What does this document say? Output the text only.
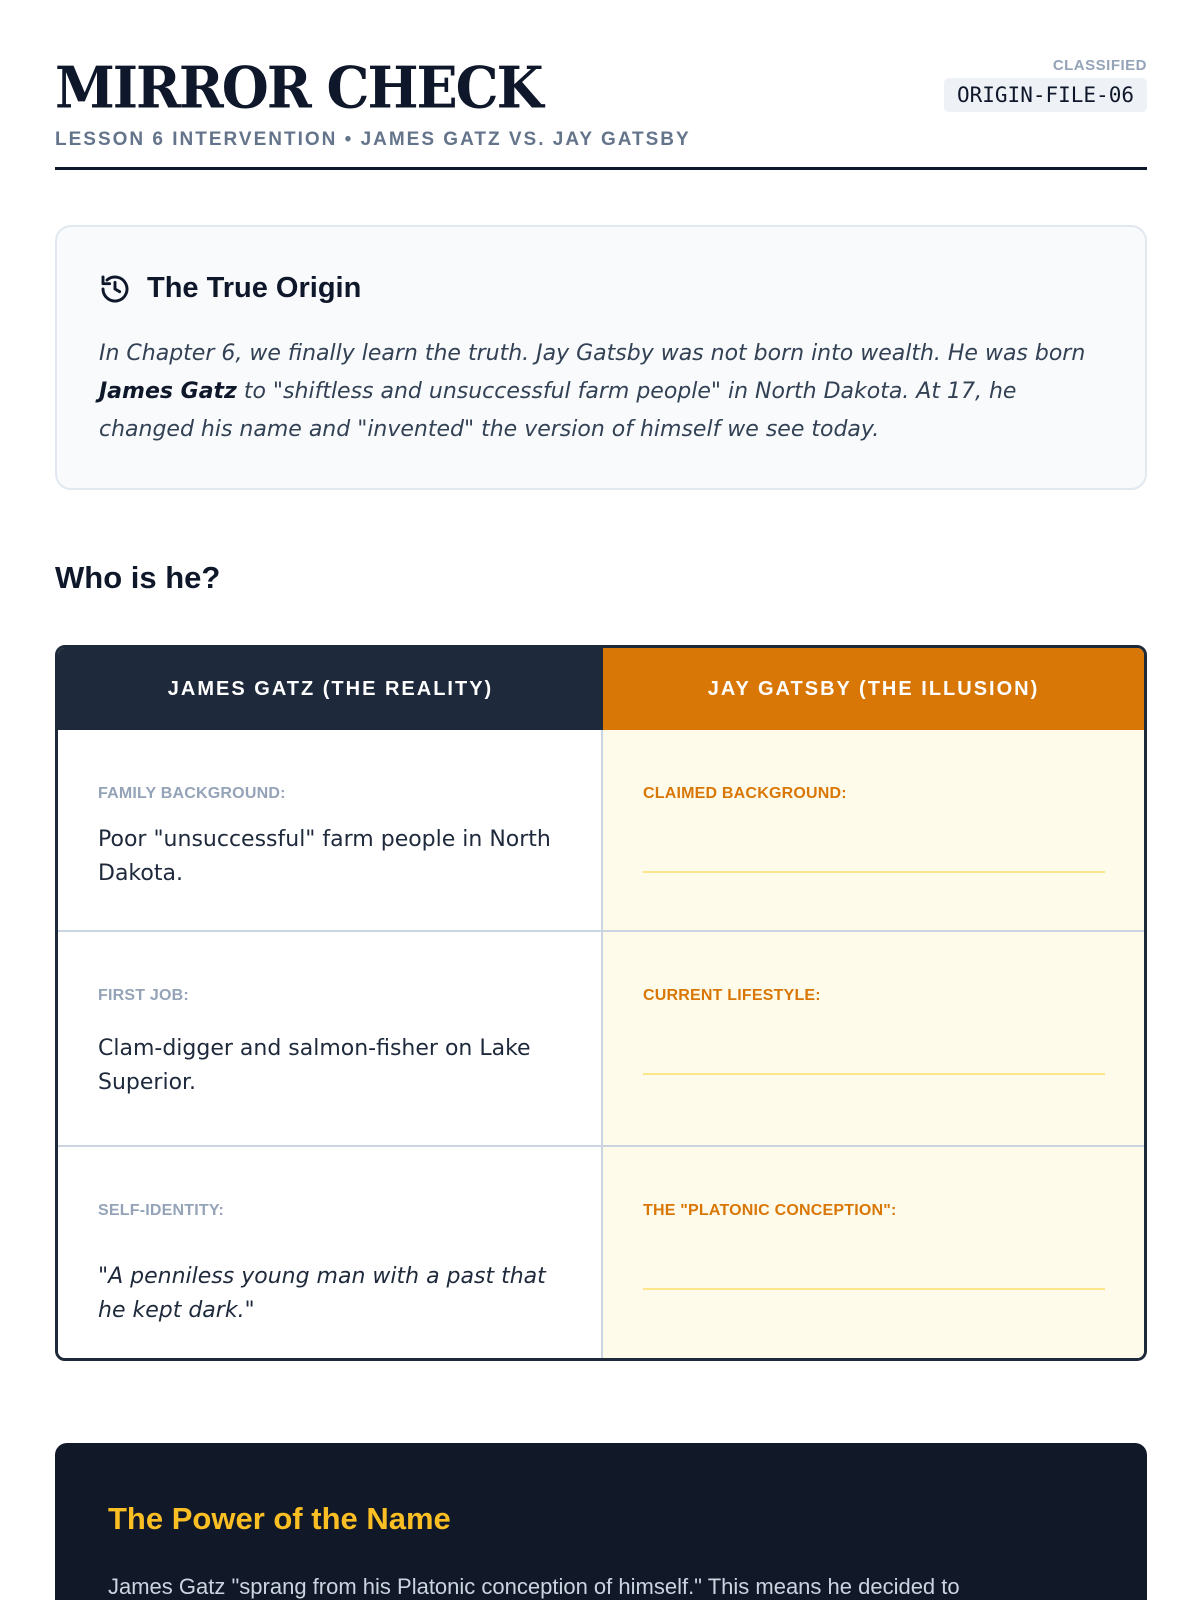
MIRROR CHECK
LESSON 6 INTERVENTION • JAMES GATZ VS. JAY GATSBY
CLASSIFIED
ORIGIN-FILE-06
The True Origin

In Chapter 6, we finally learn the truth. Jay Gatsby was not born into wealth. He was born James Gatz to "shiftless and unsuccessful farm people" in North Dakota. At 17, he changed his name and "invented" the version of himself we see today.

Who is he?
JAMES GATZ (THE REALITY)	JAY GATSBY (THE ILLUSION)
FAMILY BACKGROUND:
Poor "unsuccessful" farm people in North Dakota.
CLAIMED BACKGROUND:
FIRST JOB:
Clam-digger and salmon-fisher on Lake Superior.
CURRENT LIFESTYLE:
SELF-IDENTITY:
"A penniless young man with a past that he kept dark."
THE "PLATONIC CONCEPTION":
The Power of the Name

James Gatz "sprang from his Platonic conception of himself." This means he decided to
